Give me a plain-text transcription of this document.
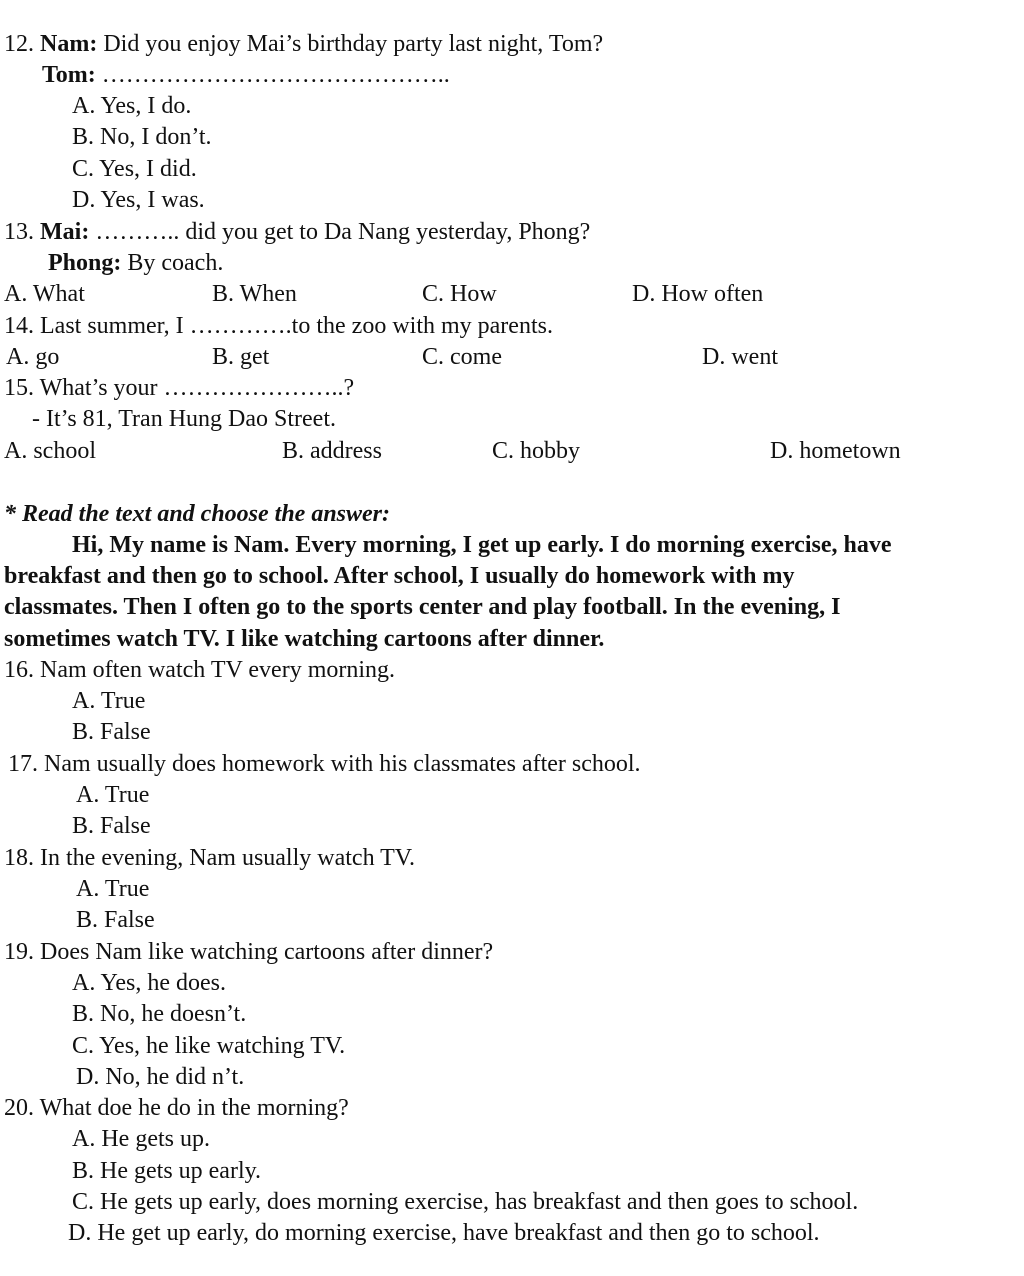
12. Nam: Did you enjoy Mai’s birthday party last night, Tom?
Tom: ……………………………………..
A. Yes, I do.
B. No, I don’t.
C. Yes, I did.
D. Yes, I was.
13. Mai: ……….. did you get to Da Nang yesterday, Phong?
Phong: By coach.
A. What	B. When	C. How	D. How often
14. Last summer, I ………….to the zoo with my parents.
A. go	B. get	C. come	D. went
15. What’s your …………………..?
- It’s 81, Tran Hung Dao Street.
A. school	B. address	C. hobby	D. hometown
* Read the text and choose the answer:
Hi, My name is Nam. Every morning, I get up early. I do morning exercise, have
breakfast and then go to school. After school, I usually do homework with my
classmates. Then I often go to the sports center and play football. In the evening, I
sometimes watch TV. I like watching cartoons after dinner.
16. Nam often watch TV every morning.
A. True
B. False
17. Nam usually does homework with his classmates after school.
A. True
B. False
18. In the evening, Nam usually watch TV.
A. True
B. False
19. Does Nam like watching cartoons after dinner?
A. Yes, he does.
B. No, he doesn’t.
C. Yes, he like watching TV.
D. No, he did n’t.
20. What doe he do in the morning?
A. He gets up.
B. He gets up early.
C. He gets up early, does morning exercise, has breakfast and then goes to school.
D. He get up early, do morning exercise, have breakfast and then go to school.
